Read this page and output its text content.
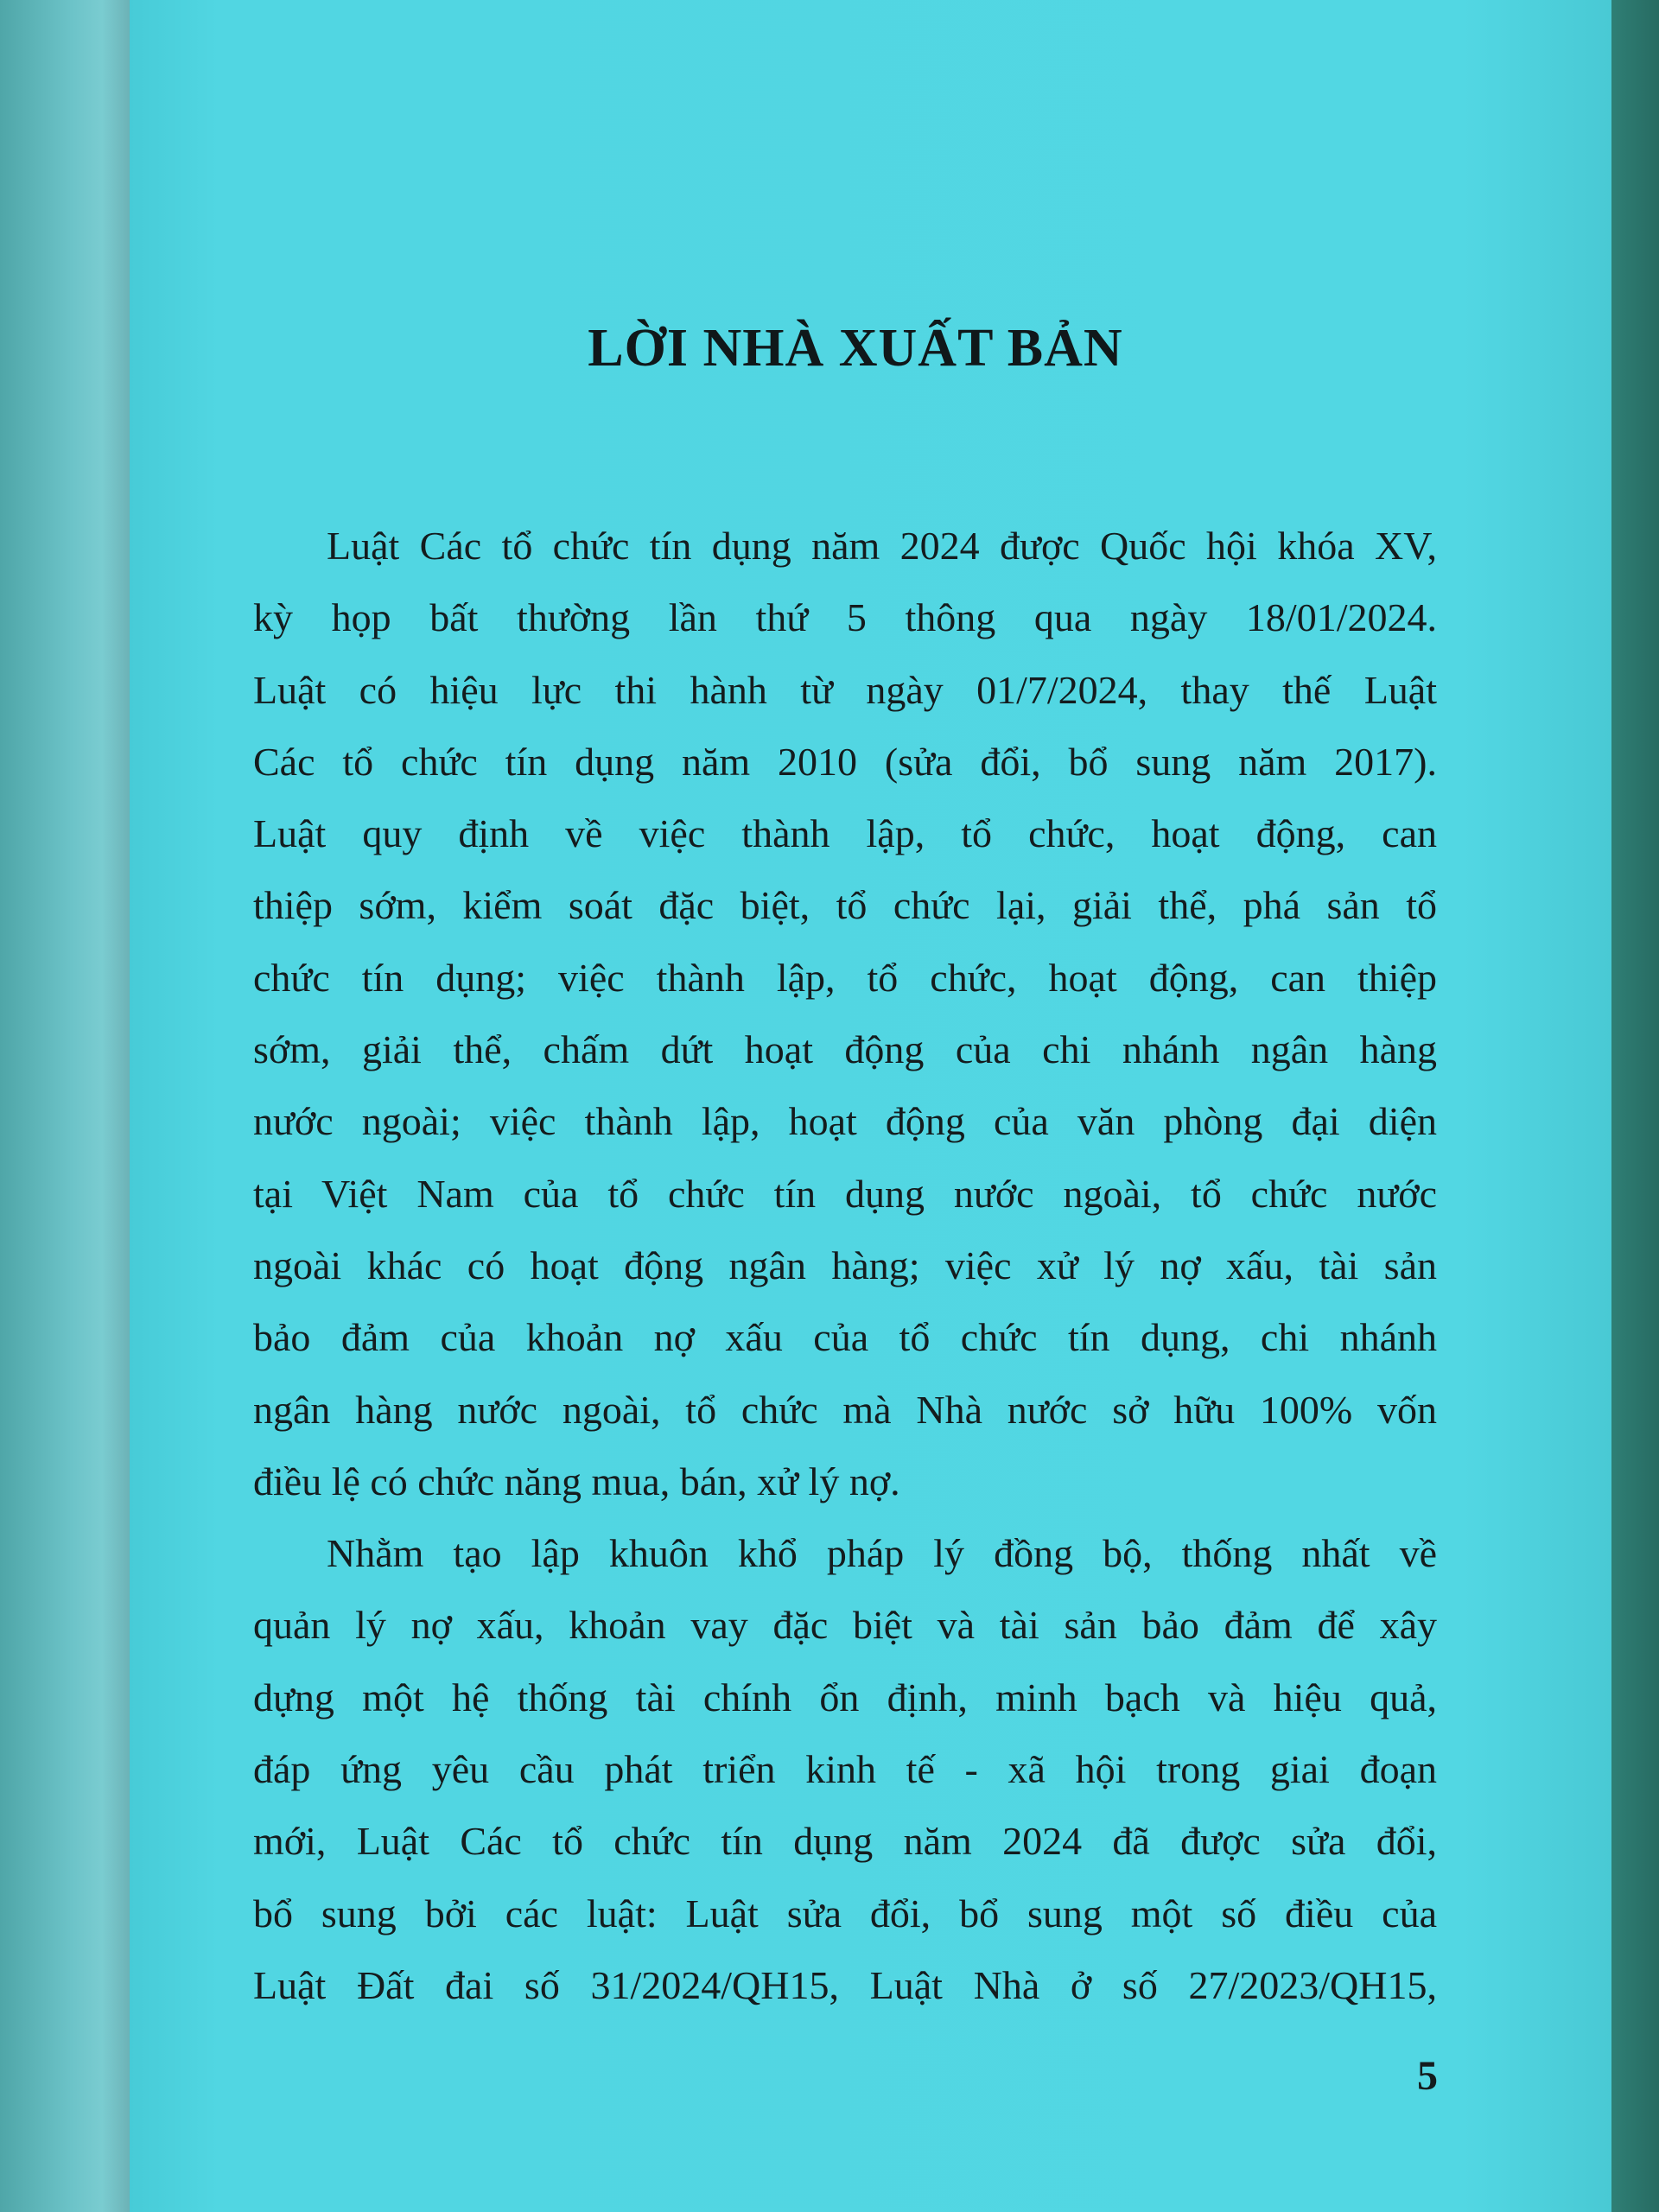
LỜI NHÀ XUẤT BẢN
Luật Các tổ chức tín dụng năm 2024 được Quốc hội khóa XV,
kỳ họp bất thường lần thứ 5 thông qua ngày 18/01/2024.
Luật có hiệu lực thi hành từ ngày 01/7/2024, thay thế Luật
Các tổ chức tín dụng năm 2010 (sửa đổi, bổ sung năm 2017).
Luật quy định về việc thành lập, tổ chức, hoạt động, can
thiệp sớm, kiểm soát đặc biệt, tổ chức lại, giải thể, phá sản tổ
chức tín dụng; việc thành lập, tổ chức, hoạt động, can thiệp
sớm, giải thể, chấm dứt hoạt động của chi nhánh ngân hàng
nước ngoài; việc thành lập, hoạt động của văn phòng đại diện
tại Việt Nam của tổ chức tín dụng nước ngoài, tổ chức nước
ngoài khác có hoạt động ngân hàng; việc xử lý nợ xấu, tài sản
bảo đảm của khoản nợ xấu của tổ chức tín dụng, chi nhánh
ngân hàng nước ngoài, tổ chức mà Nhà nước sở hữu 100% vốn
điều lệ có chức năng mua, bán, xử lý nợ.
Nhằm tạo lập khuôn khổ pháp lý đồng bộ, thống nhất về
quản lý nợ xấu, khoản vay đặc biệt và tài sản bảo đảm để xây
dựng một hệ thống tài chính ổn định, minh bạch và hiệu quả,
đáp ứng yêu cầu phát triển kinh tế - xã hội trong giai đoạn
mới, Luật Các tổ chức tín dụng năm 2024 đã được sửa đổi,
bổ sung bởi các luật: Luật sửa đổi, bổ sung một số điều của
Luật Đất đai số 31/2024/QH15, Luật Nhà ở số 27/2023/QH15,
5
